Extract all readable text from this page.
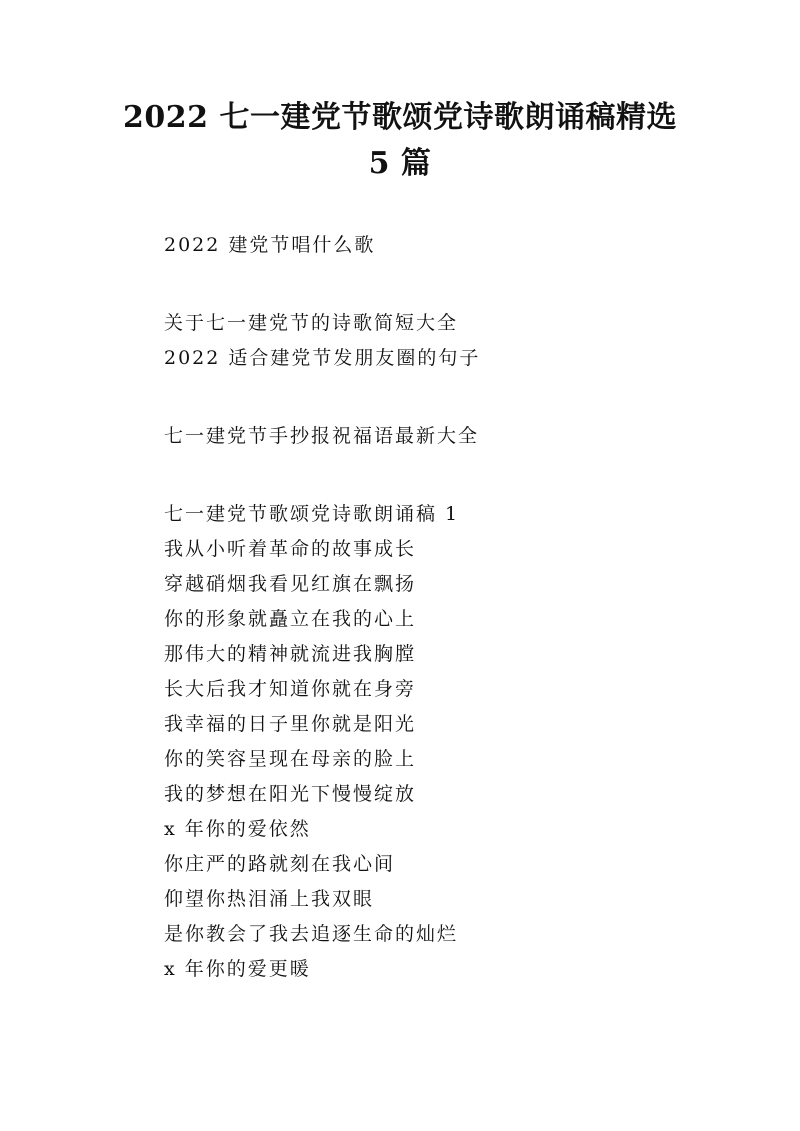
2022 七一建党节歌颂党诗歌朗诵稿精选 5 篇
2022 建党节唱什么歌
关于七一建党节的诗歌简短大全
2022 适合建党节发朋友圈的句子
七一建党节手抄报祝福语最新大全
七一建党节歌颂党诗歌朗诵稿 1
我从小听着革命的故事成长
穿越硝烟我看见红旗在飘扬
你的形象就矗立在我的心上
那伟大的精神就流进我胸膛
长大后我才知道你就在身旁
我幸福的日子里你就是阳光
你的笑容呈现在母亲的脸上
我的梦想在阳光下慢慢绽放
x 年你的爱依然
你庄严的路就刻在我心间
仰望你热泪涌上我双眼
是你教会了我去追逐生命的灿烂
x 年你的爱更暖
